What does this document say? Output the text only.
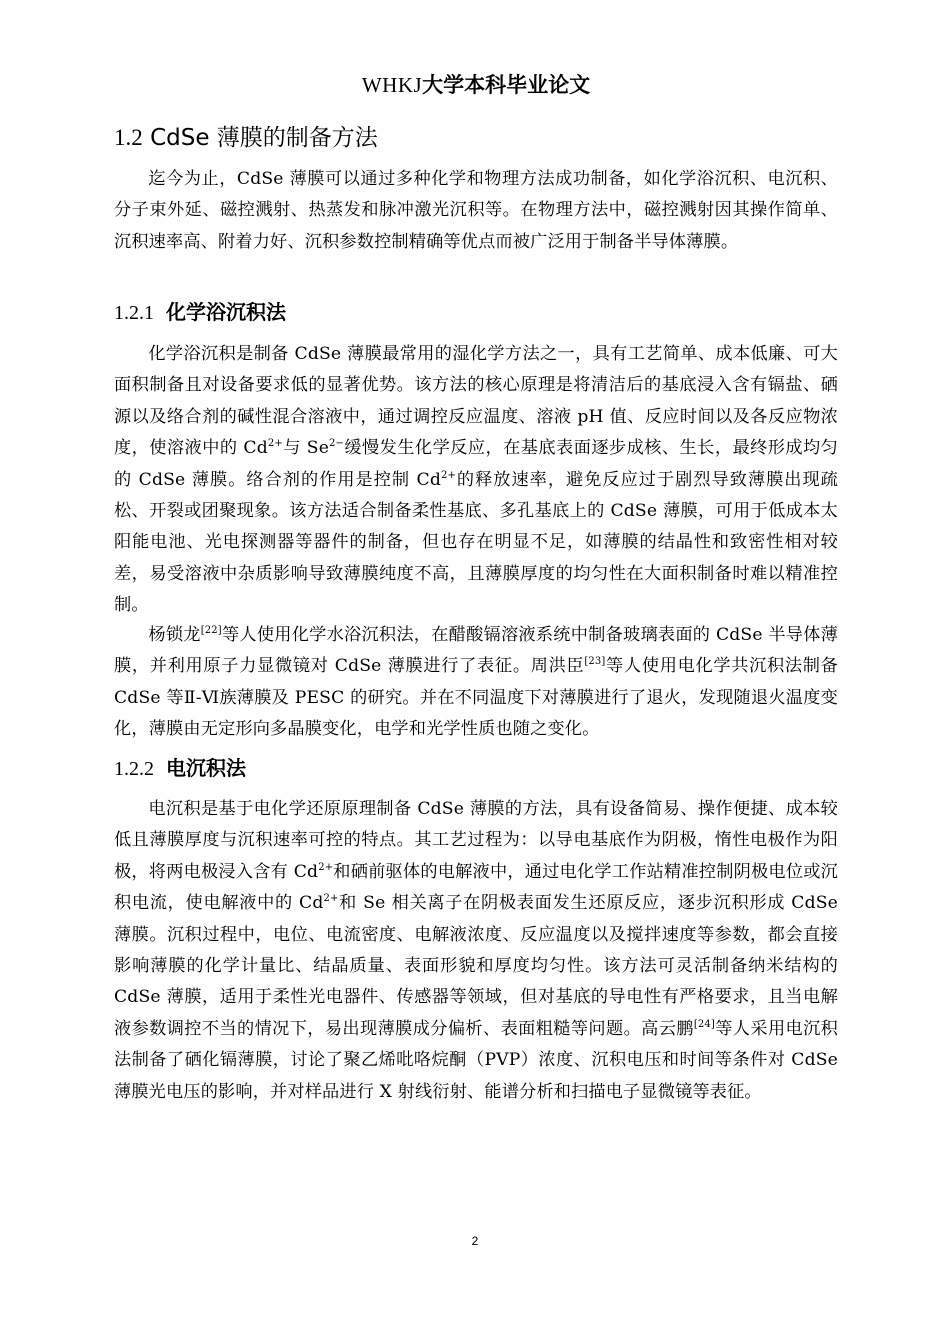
WHKJ大学本科毕业论文
1.2 CdSe 薄膜的制备方法

迄今为止，CdSe 薄膜可以通过多种化学和物理方法成功制备，如化学浴沉积、电沉积、分子束外延、磁控溅射、热蒸发和脉冲激光沉积等。在物理方法中，磁控溅射因其操作简单、沉积速率高、附着力好、沉积参数控制精确等优点而被广泛用于制备半导体薄膜。

1.2.1 化学浴沉积法

化学浴沉积是制备 CdSe 薄膜最常用的湿化学方法之一，具有工艺简单、成本低廉、可大面积制备且对设备要求低的显著优势。该方法的核心原理是将清洁后的基底浸入含有镉盐、硒源以及络合剂的碱性混合溶液中，通过调控反应温度、溶液 pH 值、反应时间以及各反应物浓度，使溶液中的 $Cd^{2+}$与 $Se^{2-}$缓慢发生化学反应，在基底表面逐步成核、生长，最终形成均匀的 CdSe 薄膜。络合剂的作用是控制 $Cd^{2+}$的释放速率，避免反应过于剧烈导致薄膜出现疏松、开裂或团聚现象。该方法适合制备柔性基底、多孔基底上的 CdSe 薄膜，可用于低成本太阳能电池、光电探测器等器件的制备，但也存在明显不足，如薄膜的结晶性和致密性相对较差，易受溶液中杂质影响导致薄膜纯度不高，且薄膜厚度的均匀性在大面积制备时难以精准控制。

杨锁龙[22]等人使用化学水浴沉积法，在醋酸镉溶液系统中制备玻璃表面的 CdSe 半导体薄膜，并利用原子力显微镜对 CdSe 薄膜进行了表征。周洪臣[23]等人使用电化学共沉积法制备 CdSe 等Ⅱ-Ⅵ族薄膜及 PESC 的研究。并在不同温度下对薄膜进行了退火，发现随退火温度变化，薄膜由无定形向多晶膜变化，电学和光学性质也随之变化。

1.2.2 电沉积法

电沉积是基于电化学还原原理制备 CdSe 薄膜的方法，具有设备简易、操作便捷、成本较低且薄膜厚度与沉积速率可控的特点。其工艺过程为：以导电基底作为阴极，惰性电极作为阳极，将两电极浸入含有 $Cd^{2+}$和硒前驱体的电解液中，通过电化学工作站精准控制阴极电位或沉积电流，使电解液中的 $Cd^{2+}$和 Se 相关离子在阴极表面发生还原反应，逐步沉积形成 CdSe 薄膜。沉积过程中，电位、电流密度、电解液浓度、反应温度以及搅拌速度等参数，都会直接影响薄膜的化学计量比、结晶质量、表面形貌和厚度均匀性。该方法可灵活制备纳米结构的 CdSe 薄膜，适用于柔性光电器件、传感器等领域，但对基底的导电性有严格要求，且当电解液参数调控不当的情况下，易出现薄膜成分偏析、表面粗糙等问题。高云鹏[24]等人采用电沉积法制备了硒化镉薄膜，讨论了聚乙烯吡咯烷酮（PVP）浓度、沉积电压和时间等条件对 CdSe 薄膜光电压的影响，并对样品进行 X 射线衍射、能谱分析和扫描电子显微镜等表征。

2
